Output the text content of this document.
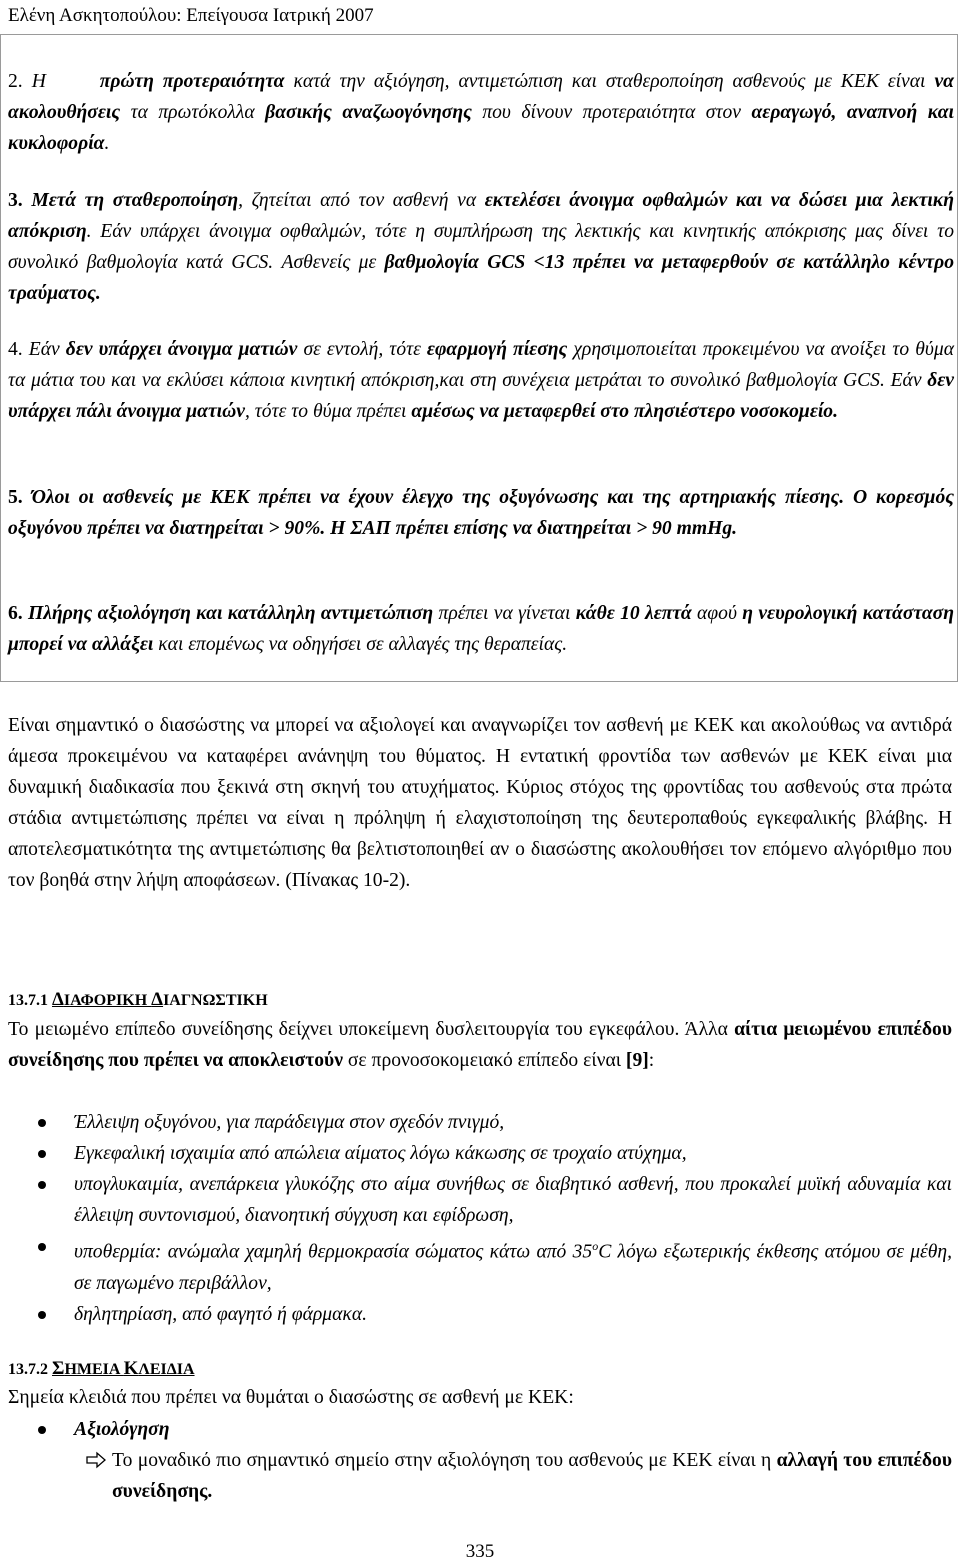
Ελένη Ασκητοπούλου: Επείγουσα Ιατρική 2007

2. Η	πρώτη προτεραιότητα κατά την αξιόγηση, αντιμετώπιση και σταθεροποίηση ασθενούς με ΚΕΚ είναι να ακολουθήσεις τα πρωτόκολλα βασικής αναζωογόνησης που δίνουν προτεραιότητα στον αεραγωγό, αναπνοή και κυκλοφορία.

3. Μετά τη σταθεροποίηση, ζητείται από τον ασθενή να εκτελέσει άνοιγμα οφθαλμών και να δώσει μια λεκτική απόκριση. Εάν υπάρχει άνοιγμα οφθαλμών, τότε η συμπλήρωση της λεκτικής και κινητικής απόκρισης μας δίνει το συνολικό βαθμολογία κατά GCS. Ασθενείς με βαθμολογία GCS <13 πρέπει να μεταφερθούν σε κατάλληλο κέντρο τραύματος.

4. Εάν δεν υπάρχει άνοιγμα ματιών σε εντολή, τότε εφαρμογή πίεσης χρησιμοποιείται προκειμένου να ανοίξει το θύμα τα μάτια του και να εκλύσει κάποια κινητική απόκριση,και στη συνέχεια μετράται το συνολικό βαθμολογία GCS. Εάν δεν υπάρχει πάλι άνοιγμα ματιών, τότε το θύμα πρέπει αμέσως να μεταφερθεί στο πλησιέστερο νοσοκομείο.

5. Όλοι οι ασθενείς με ΚΕΚ πρέπει να έχουν έλεγχο της οξυγόνωσης και της αρτηριακής πίεσης. Ο κορεσμός οξυγόνου πρέπει να διατηρείται > 90%. Η ΣΑΠ πρέπει επίσης να διατηρείται > 90 mmHg.

6. Πλήρης αξιολόγηση και κατάλληλη αντιμετώπιση πρέπει να γίνεται κάθε 10 λεπτά αφού η νευρολογική κατάσταση μπορεί να αλλάξει και επομένως να οδηγήσει σε αλλαγές της θεραπείας.

Είναι σημαντικό ο διασώστης να μπορεί να αξιολογεί και αναγνωρίζει τον ασθενή με ΚΕΚ και ακολούθως να αντιδρά άμεσα προκειμένου να καταφέρει ανάνηψη του θύματος. Η εντατική φροντίδα των ασθενών με ΚΕΚ είναι μια δυναμική διαδικασία που ξεκινά στη σκηνή του ατυχήματος. Κύριος στόχος της φροντίδας του ασθενούς στα πρώτα στάδια αντιμετώπισης πρέπει να είναι η πρόληψη ή ελαχιστοποίηση της δευτεροπαθούς εγκεφαλικής βλάβης. Η αποτελεσματικότητα της αντιμετώπισης θα βελτιστοποιηθεί αν ο διασώστης ακολουθήσει τον επόμενο αλγόριθμο που τον βοηθά στην λήψη αποφάσεων. (Πίνακας 10-2).

13.7.1 ΔΙΑΦΟΡΙΚΗ ΔΙΑΓΝΩΣΤΙΚΗ

Το μειωμένο επίπεδο συνείδησης δείχνει υποκείμενη δυσλειτουργία του εγκεφάλου. Άλλα αίτια μειωμένου επιπέδου συνείδησης που πρέπει να αποκλειστούν σε προνοσοκομειακό επίπεδο είναι [9]:

Έλλειψη οξυγόνου, για παράδειγμα στον σχεδόν πνιγμό,
Εγκεφαλική ισχαιμία από απώλεια αίματος λόγω κάκωσης σε τροχαίο ατύχημα,
υπογλυκαιμία, ανεπάρκεια γλυκόζης στο αίμα συνήθως σε διαβητικό ασθενή, που προκαλεί μυϊκή αδυναμία και έλλειψη συντονισμού, διανοητική σύγχυση και εφίδρωση,
υποθερμία: ανώμαλα χαμηλή θερμοκρασία σώματος κάτω από $35^oC$ λόγω εξωτερικής έκθεσης ατόμου σε μέθη, σε παγωμένο περιβάλλον,
δηλητηρίαση, από φαγητό ή φάρμακα.
13.7.2 ΣΗΜΕΙΑ ΚΛΕΙΔΙΑ

Σημεία κλειδιά που πρέπει να θυμάται ο διασώστης σε ασθενή με ΚΕΚ:

Αξιολόγηση
Το μοναδικό πιο σημαντικό σημείο στην αξιολόγηση του ασθενούς με ΚΕΚ είναι η αλλαγή του επιπέδου συνείδησης.
335
